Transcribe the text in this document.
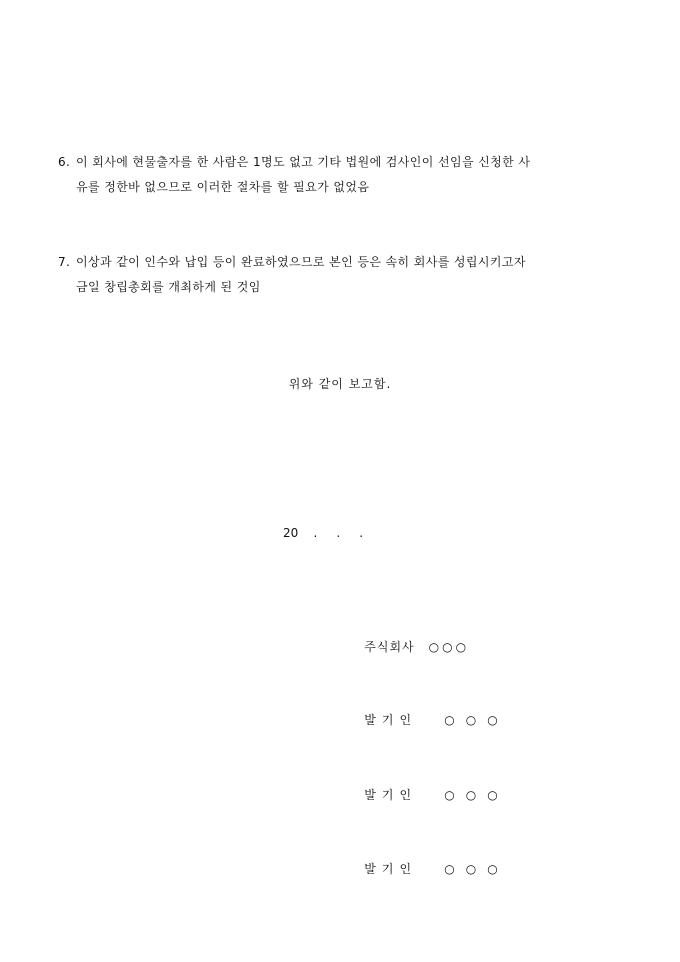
6. 이 회사에 현물출자를 한 사람은 1명도 없고 기타 법원에 검사인이 선임을 신청한 사
유를 정한바 없으므로 이러한 절차를 할 필요가 없었음
7. 이상과 같이 인수와 납입 등이 완료하였으므로 본인 등은 속히 회사를 성립시키고자
금일 창립총회를 개최하게 된 것임
위와 같이 보고함.
20    .     .     .

주식회사 ○○○

발기인 ○○○

발기인 ○○○

발기인 ○○○
